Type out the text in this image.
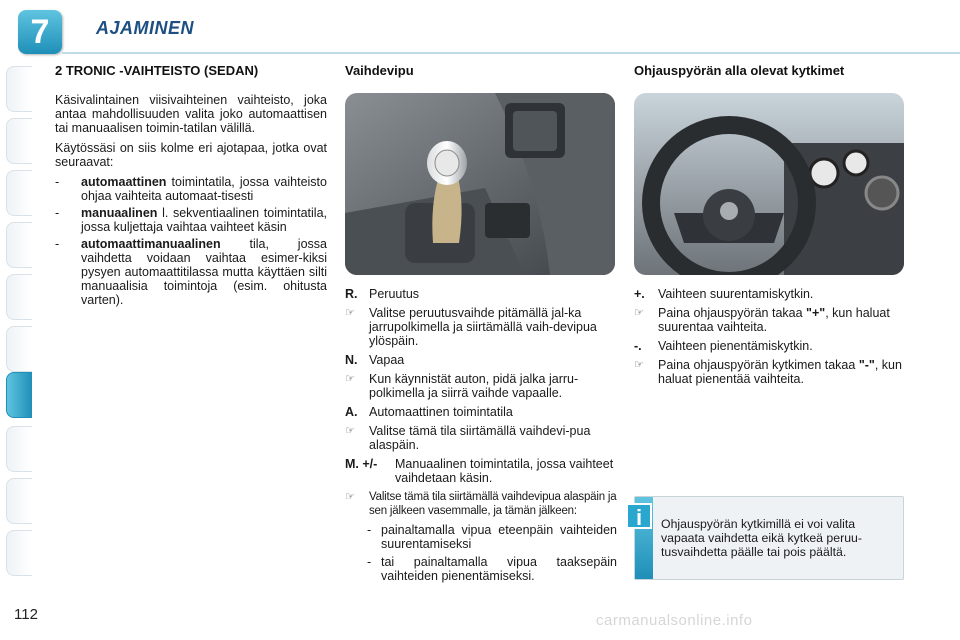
7	AJAMINEN
2 TRONIC -VAIHTEISTO (SEDAN)

Käsivalintainen viisivaihteinen vaihteisto, joka antaa mahdollisuuden valita joko automaattisen tai manuaalisen toimin-tatilan välillä.

Käytössäsi on siis kolme eri ajotapaa, jotka ovat seuraavat:

-	automaattinen toimintatila, jossa vaihteisto ohjaa vaihteita automaat-tisesti
-	manuaalinen l. sekventiaalinen toimintatila, jossa kuljettaja vaihtaa vaihteet käsin
-	automaattimanuaalinen tila, jossa vaihdetta voidaan vaihtaa esimer-kiksi pysyen automaattitilassa mutta käyttäen silti manuaalisia toimintoja (esim. ohitusta varten).
Vaihdevipu
R. Peruutus
☞	Valitse peruutusvaihde pitämällä jal-ka jarrupolkimella ja siirtämällä vaih-devipua ylöspäin.
N. Vapaa
☞	Kun käynnistät auton, pidä jalka jarru-polkimella ja siirrä vaihde vapaalle.
A. Automaattinen toimintatila
☞	Valitse tämä tila siirtämällä vaihdevi-pua alaspäin.
M. +/-	Manuaalinen toimintatila, jossa vaihteet vaihdetaan käsin.
☞	Valitse tämä tila siirtämällä vaihdevipua alaspäin ja sen jälkeen vasemmalle, ja tämän jälkeen:
- painaltamalla vipua eteenpäin vaihteiden suurentamiseksi
- tai painaltamalla vipua taaksepäin vaihteiden pienentämiseksi.
Ohjauspyörän alla olevat kytkimet
+.	Vaihteen suurentamiskytkin.
☞	Paina ohjauspyörän takaa "+", kun haluat suurentaa vaihteita.
-.	Vaihteen pienentämiskytkin.
☞	Paina ohjauspyörän kytkimen takaa "-", kun haluat pienentää vaihteita.
i	Ohjauspyörän kytkimillä ei voi valita vapaata vaihdetta eikä kytkeä peruu-tusvaihdetta päälle tai pois päältä.
112	carmanualsonline.info
